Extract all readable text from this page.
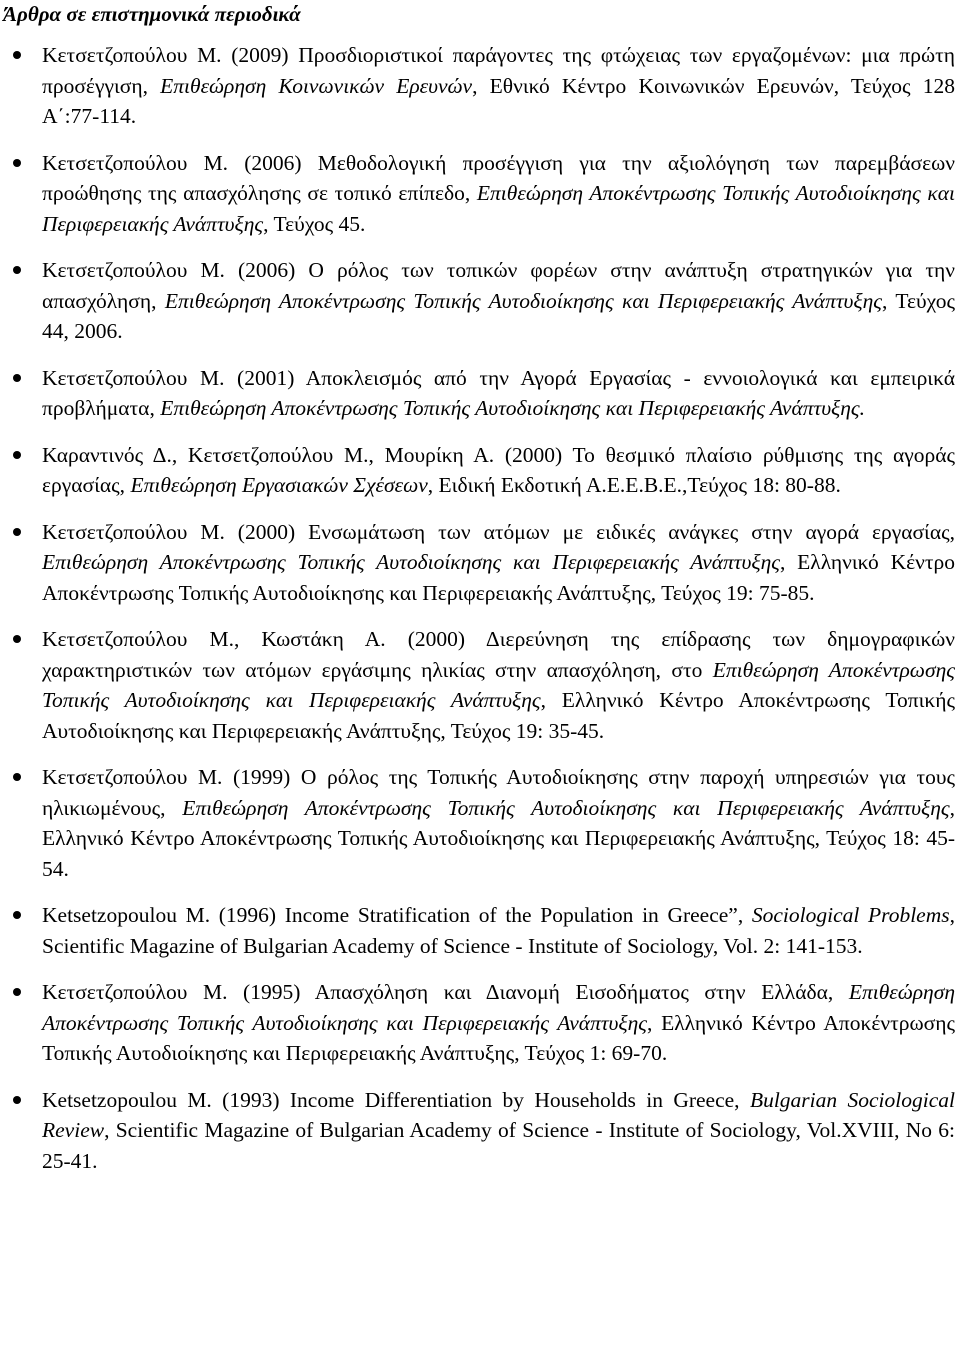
Άρθρα σε επιστημονικά περιοδικά
Κετσετζοπούλου Μ. (2009) Προσδιοριστικοί παράγοντες της φτώχειας των εργαζομένων: μια πρώτη προσέγγιση, Επιθεώρηση Κοινωνικών Ερευνών, Εθνικό Κέντρο Κοινωνικών Ερευνών, Τεύχος 128 Α΄:77-114.
Κετσετζοπούλου Μ. (2006) Μεθοδολογική προσέγγιση για την αξιολόγηση των παρεμβάσεων προώθησης της απασχόλησης σε τοπικό επίπεδο, Επιθεώρηση Αποκέντρωσης Τοπικής Αυτοδιοίκησης και Περιφερειακής Ανάπτυξης, Τεύχος 45.
Κετσετζοπούλου Μ. (2006) Ο ρόλος των τοπικών φορέων στην ανάπτυξη στρατηγικών για την απασχόληση, Επιθεώρηση Αποκέντρωσης Τοπικής Αυτοδιοίκησης και Περιφερειακής Ανάπτυξης, Τεύχος 44, 2006.
Κετσετζοπούλου Μ. (2001) Αποκλεισμός από την Αγορά Εργασίας - εννοιολογικά και εμπειρικά προβλήματα, Επιθεώρηση Αποκέντρωσης Τοπικής Αυτοδιοίκησης και Περιφερειακής Ανάπτυξης.
Καραντινός Δ., Κετσετζοπούλου Μ., Μουρίκη Α. (2000) Το θεσμικό πλαίσιο ρύθμισης της αγοράς εργασίας, Επιθεώρηση Εργασιακών Σχέσεων, Ειδική Εκδοτική Α.Ε.Ε.Β.Ε.,Τεύχος 18: 80-88.
Κετσετζοπούλου Μ. (2000) Ενσωμάτωση των ατόμων με ειδικές ανάγκες στην αγορά εργασίας, Επιθεώρηση Αποκέντρωσης Τοπικής Αυτοδιοίκησης και Περιφερειακής Ανάπτυξης, Ελληνικό Κέντρο Αποκέντρωσης Τοπικής Αυτοδιοίκησης και Περιφερειακής Ανάπτυξης, Τεύχος 19: 75-85.
Κετσετζοπούλου Μ., Κωστάκη Α. (2000) Διερεύνηση της επίδρασης των δημογραφικών χαρακτηριστικών των ατόμων εργάσιμης ηλικίας στην απασχόληση, στο Επιθεώρηση Αποκέντρωσης Τοπικής Αυτοδιοίκησης και Περιφερειακής Ανάπτυξης, Ελληνικό Κέντρο Αποκέντρωσης Τοπικής Αυτοδιοίκησης και Περιφερειακής Ανάπτυξης, Τεύχος 19: 35-45.
Κετσετζοπούλου Μ. (1999) Ο ρόλος της Τοπικής Αυτοδιοίκησης στην παροχή υπηρεσιών για τους ηλικιωμένους, Επιθεώρηση Αποκέντρωσης Τοπικής Αυτοδιοίκησης και Περιφερειακής Ανάπτυξης, Ελληνικό Κέντρο Αποκέντρωσης Τοπικής Αυτοδιοίκησης και Περιφερειακής Ανάπτυξης, Τεύχος 18: 45-54.
Ketsetzopoulou M. (1996) Income Stratification of the Population in Greece”, Sociological Problems, Scientific Magazine of Bulgarian Academy of Science - Institute of Sociology, Vol. 2: 141-153.
Κετσετζοπούλου Μ. (1995) Απασχόληση και Διανομή Εισοδήματος στην Ελλάδα, Επιθεώρηση Αποκέντρωσης Τοπικής Αυτοδιοίκησης και Περιφερειακής Ανάπτυξης, Ελληνικό Κέντρο Αποκέντρωσης Τοπικής Αυτοδιοίκησης και Περιφερειακής Ανάπτυξης, Τεύχος 1: 69-70.
Ketsetzopoulou M. (1993) Income Differentiation by Households in Greece, Bulgarian Sociological Review, Scientific Magazine of Bulgarian Academy of Science - Institute of Sociology, Vol.XVIII, No 6: 25-41.
